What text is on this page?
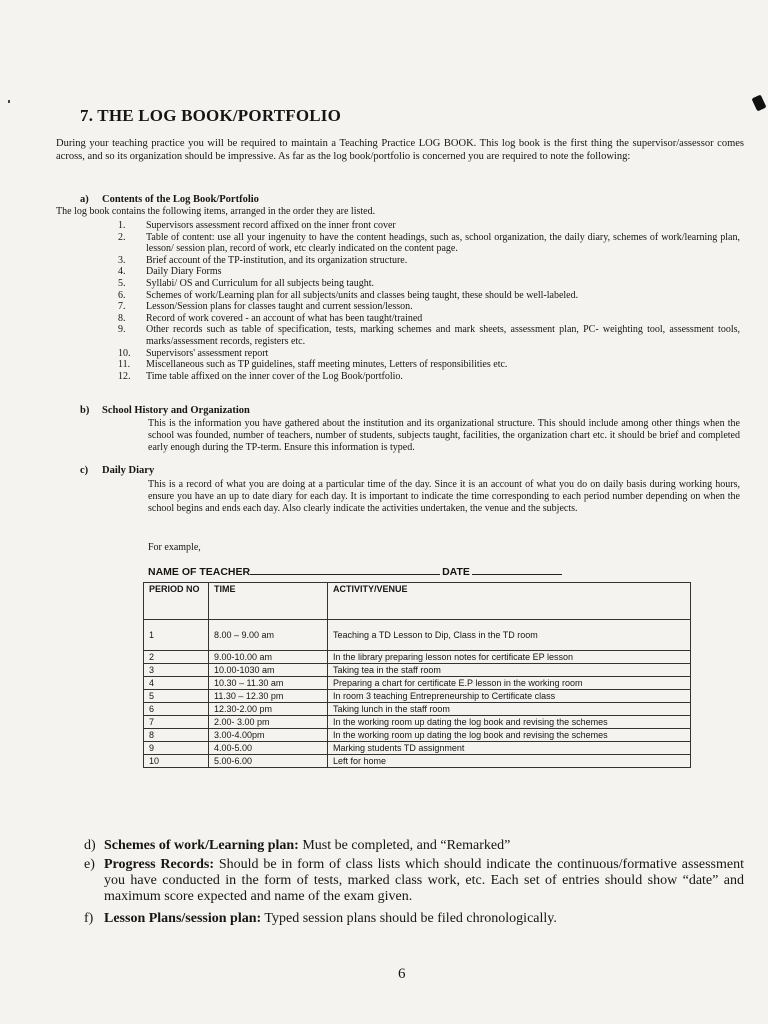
7. THE LOG BOOK/PORTFOLIO
During your teaching practice you will be required to maintain a Teaching Practice LOG BOOK. This log book is the first thing the supervisor/assessor comes across, and so its organization should be impressive. As far as the log book/portfolio is concerned you are required to note the following:
a) Contents of the Log Book/Portfolio
The log book contains the following items, arranged in the order they are listed.
1.	Supervisors assessment record affixed on the inner front cover
2.	Table of content: use all your ingenuity to have the content headings, such as, school organization, the daily diary, schemes of work/learning plan, lesson/ session plan, record of work, etc clearly indicated on the content page.
3.	Brief account of the TP-institution, and its organization structure.
4.	Daily Diary Forms
5.	Syllabi/ OS and Curriculum for all subjects being taught.
6.	Schemes of work/Learning plan for all subjects/units and classes being taught, these should be well-labeled.
7.	Lesson/Session plans for classes taught and current session/lesson.
8.	Record of work covered - an account of what has been taught/trained
9.	Other records such as table of specification, tests, marking schemes and mark sheets, assessment plan, PC- weighting tool, assessment tools, marks/assessment records, registers etc.
10.	Supervisors' assessment report
11.	Miscellaneous such as TP guidelines, staff meeting minutes, Letters of responsibilities etc.
12.	Time table affixed on the inner cover of the Log Book/portfolio.
b) School History and Organization
This is the information you have gathered about the institution and its organizational structure. This should include among other things when the school was founded, number of teachers, number of students, subjects taught, facilities, the organization chart etc. it should be brief and completed early enough during the TP-term. Ensure this information is typed.
c) Daily Diary
This is a record of what you are doing at a particular time of the day. Since it is an account of what you do on daily basis during working hours, ensure you have an up to date diary for each day. It is important to indicate the time corresponding to each period number depending on when the school begins and ends each day. Also clearly indicate the activities undertaken, the venue and the subjects.
For example,
NAME OF TEACHER	DATE
PERIOD NO	TIME	ACTIVITY/VENUE
1	8.00 – 9.00 am	Teaching a TD Lesson to Dip, Class in the TD room
2	9.00-10.00 am	In the library preparing lesson notes for certificate EP lesson
3	10.00-1030 am	Taking tea in the staff room
4	10.30 – 11.30 am	Preparing a chart for certificate E.P lesson in the working room
5	11.30 – 12.30 pm	In room 3 teaching Entrepreneurship to Certificate class
6	12.30-2.00 pm	Taking lunch in the staff room
7	2.00- 3.00 pm	In the working room up dating the log book and revising the schemes
8	3.00-4.00pm	In the working room up dating the log book and revising the schemes
9	4.00-5.00	Marking students TD assignment
10	5.00-6.00	Left for home
d) Schemes of work/Learning plan: Must be completed, and “Remarked”
e) Progress Records: Should be in form of class lists which should indicate the continuous/formative assessment you have conducted in the form of tests, marked class work, etc. Each set of entries should show “date” and maximum score expected and name of the exam given.
f) Lesson Plans/session plan: Typed session plans should be filed chronologically.
6
